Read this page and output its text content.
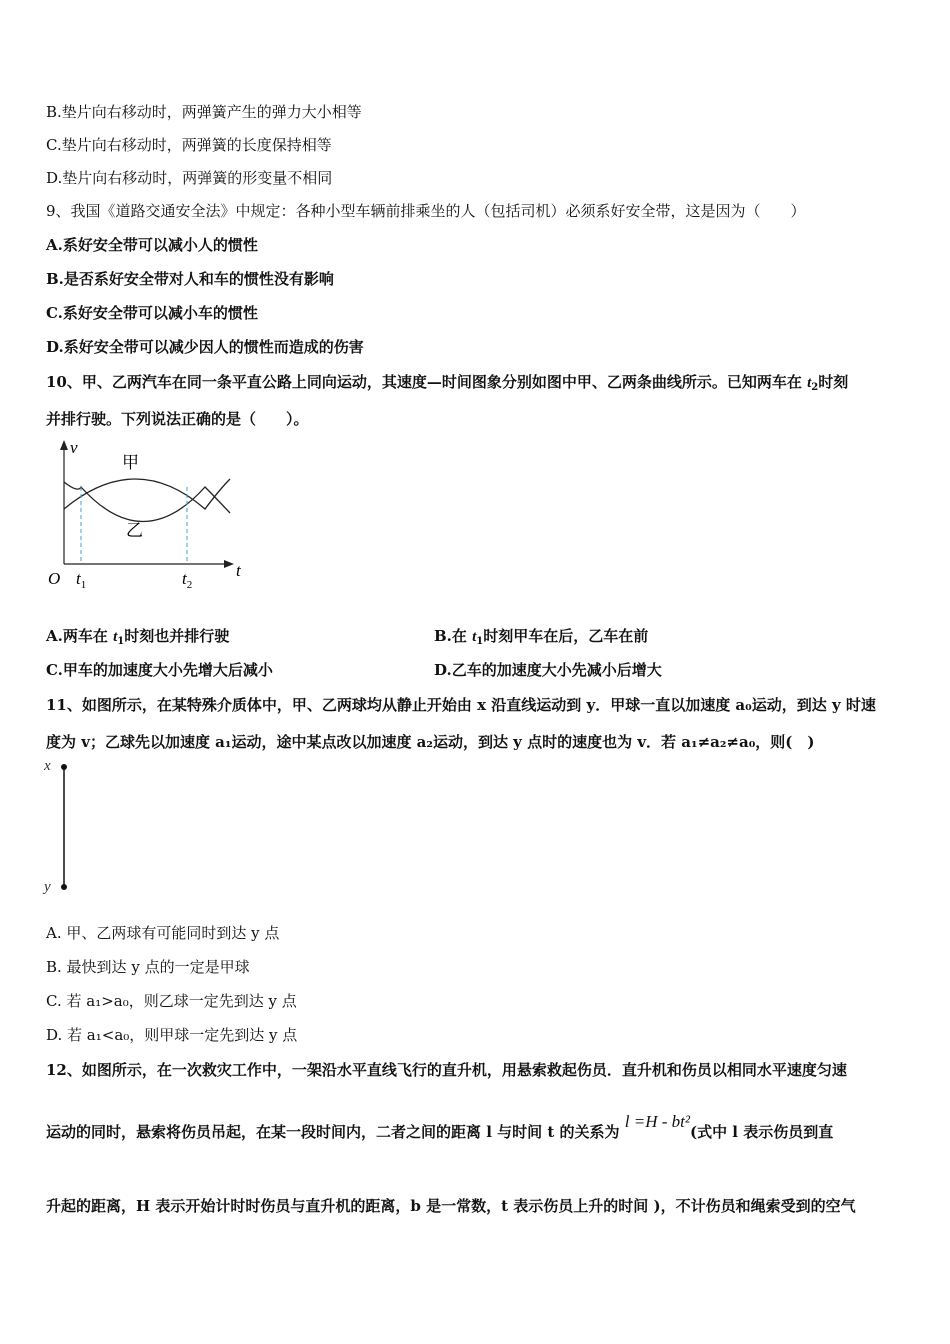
B.垫片向右移动时，两弹簧产生的弹力大小相等
C.垫片向右移动时，两弹簧的长度保持相等
D.垫片向右移动时，两弹簧的形变量不相同
9、我国《道路交通安全法》中规定：各种小型车辆前排乘坐的人（包括司机）必须系好安全带，这是因为（　　）
A.系好安全带可以减小人的惯性
B.是否系好安全带对人和车的惯性没有影响
C.系好安全带可以减小车的惯性
D.系好安全带可以减少因人的惯性而造成的伤害
10、甲、乙两汽车在同一条平直公路上同向运动，其速度—时间图象分别如图中甲、乙两条曲线所示。已知两车在 $t_2$时刻
并排行驶。下列说法正确的是（　　）。
v
t
O
甲
乙
$t_1$	$t_2$
A.两车在 $t_1$时刻也并排行驶	B.在 $t_1$时刻甲车在后，乙车在前
C.甲车的加速度大小先增大后减小	D.乙车的加速度大小先减小后增大
11、如图所示，在某特殊介质体中，甲、乙两球均从静止开始由 x 沿直线运动到 y．甲球一直以加速度 a₀运动，到达 y 时速
度为 v；乙球先以加速度 a₁运动，途中某点改以加速度 a₂运动，到达 y 点时的速度也为 v．若 a₁≠a₂≠a₀，则(　)
x
y
A. 甲、乙两球有可能同时到达 y 点
B. 最快到达 y 点的一定是甲球
C. 若 a₁>a₀，则乙球一定先到达 y 点
D. 若 a₁<a₀，则甲球一定先到达 y 点
12、如图所示，在一次救灾工作中，一架沿水平直线飞行的直升机，用悬索救起伤员．直升机和伤员以相同水平速度匀速
运动的同时，悬索将伤员吊起，在某一段时间内，二者之间的距离 l 与时间 t 的关系为 l =H - bt²(式中 l 表示伤员到直
升起的距离，H 表示开始计时时伤员与直升机的距离，b 是一常数，t 表示伤员上升的时间 )，不计伤员和绳索受到的空气
